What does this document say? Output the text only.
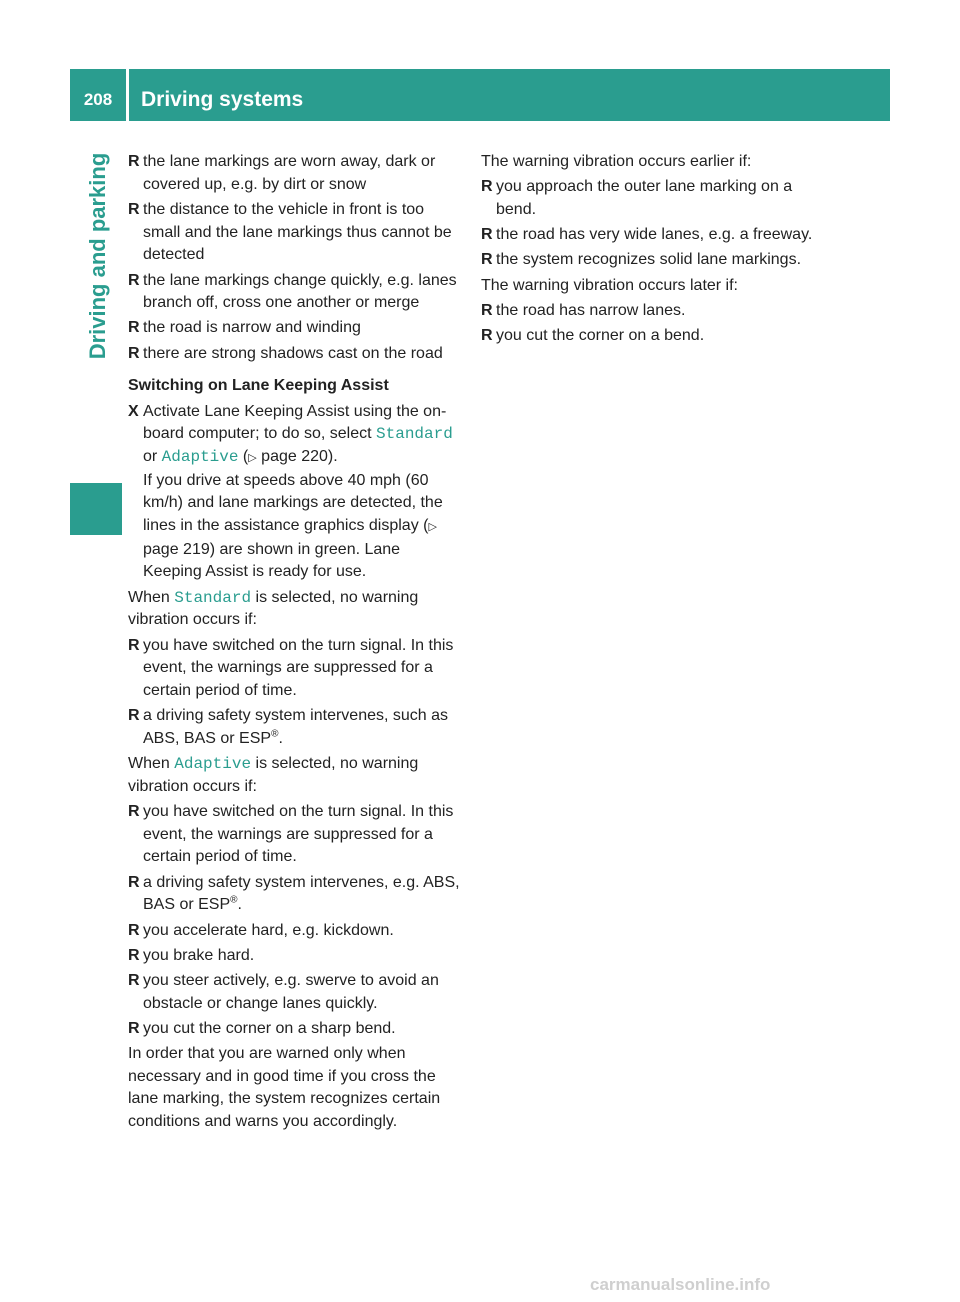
208	Driving systems
Driving and parking R the lane markings are worn away, dark or covered up, e.g. by dirt or snow
R the distance to the vehicle in front is too small and the lane markings thus cannot be detected
R the lane markings change quickly, e.g. lanes branch off, cross one another or merge
R the road is narrow and winding
R there are strong shadows cast on the road
Switching on Lane Keeping Assist
X Activate Lane Keeping Assist using the on-board computer; to do so, select Standard or Adaptive (▷ page 220).
If you drive at speeds above 40 mph (60 km/h) and lane markings are detected, the lines in the assistance graphics display (▷ page 219) are shown in green. Lane Keeping Assist is ready for use.

When Standard is selected, no warning vibration occurs if:

R you have switched on the turn signal. In this event, the warnings are suppressed for a certain period of time.
R a driving safety system intervenes, such as ABS, BAS or ESP®.

When Adaptive is selected, no warning vibration occurs if:

R you have switched on the turn signal. In this event, the warnings are suppressed for a certain period of time.
R a driving safety system intervenes, e.g. ABS, BAS or ESP®.
R you accelerate hard, e.g. kickdown.
R you brake hard.
R you steer actively, e.g. swerve to avoid an obstacle or change lanes quickly.
R you cut the corner on a sharp bend.

In order that you are warned only when necessary and in good time if you cross the lane marking, the system recognizes certain conditions and warns you accordingly.

The warning vibration occurs earlier if:

R you approach the outer lane marking on a bend.
R the road has very wide lanes, e.g. a freeway.
R the system recognizes solid lane markings.

The warning vibration occurs later if:

R the road has narrow lanes.
R you cut the corner on a bend.
carmanualsonline.info
